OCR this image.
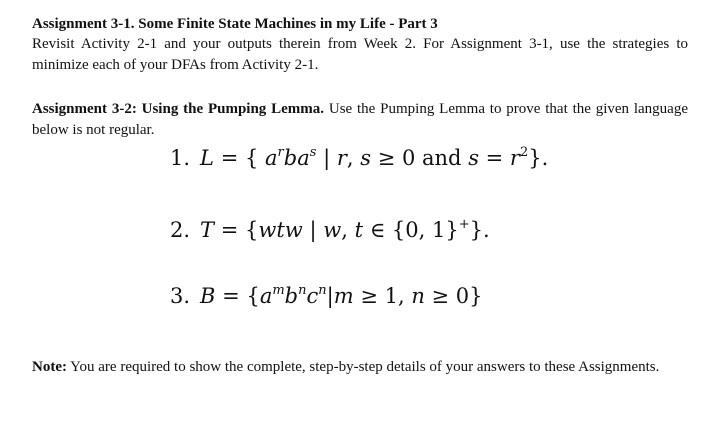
Assignment 3-1. Some Finite State Machines in my Life - Part 3

Revisit Activity 2-1 and your outputs therein from Week 2. For Assignment 3-1, use the strategies to minimize each of your DFAs from Activity 2-1.

Assignment 3-2: Using the Pumping Lemma. Use the Pumping Lemma to prove that the given language below is not regular.

1. L = { $a^rba^s$ | r, s ≥ 0 and $s = r^2$}.
2. T = {wtw | w, t ∈ {0, 1}+}.
3. $B = \{a^mb^nc^n|m \ge 1$, n ≥ 0}

Note: You are required to show the complete, step-by-step details of your answers to these Assignments.
